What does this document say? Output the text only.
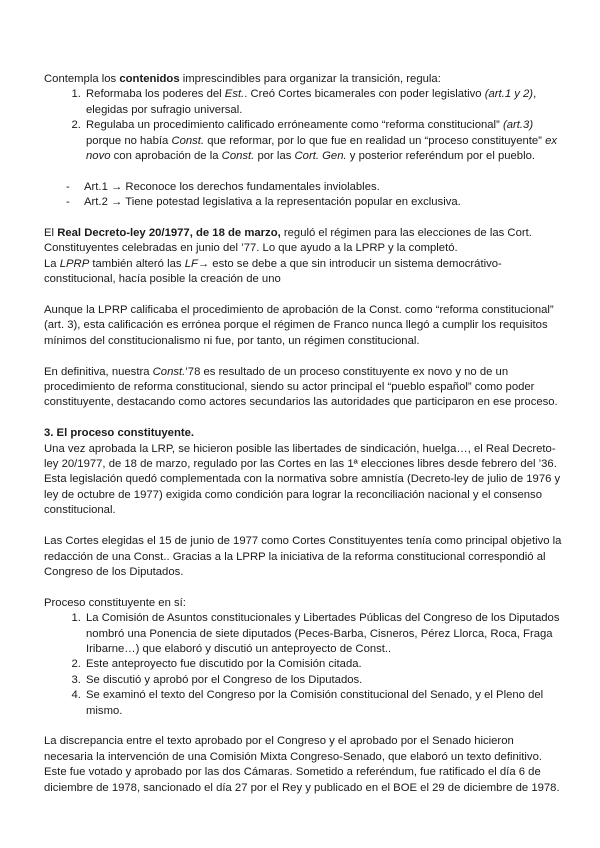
Contempla los contenidos imprescindibles para organizar la transición, regula:

1. Reformaba los poderes del Est.. Creó Cortes bicamerales con poder legislativo (art.1 y 2), elegidas por sufragio universal.
2. Regulaba un procedimiento calificado erróneamente como “reforma constitucional” (art.3) porque no había Const. que reformar, por lo que fue en realidad un “proceso constituyente” ex novo con aprobación de la Const. por las Cort. Gen. y posterior referéndum por el pueblo.
- Art.1 → Reconoce los derechos fundamentales inviolables.
- Art.2 → Tiene potestad legislativa a la representación popular en exclusiva.

El Real Decreto-ley 20/1977, de 18 de marzo, reguló el régimen para las elecciones de las Cort. Constituyentes celebradas en junio del ’77. Lo que ayudo a la LPRP y la completó.
La LPRP también alteró las LF→ esto se debe a que sin introducir un sistema democrátivo-constitucional, hacía posible la creación de uno

Aunque la LPRP calificaba el procedimiento de aprobación de la Const. como “reforma constitucional” (art. 3), esta calificación es errónea porque el régimen de Franco nunca llegó a cumplir los requisitos mínimos del constitucionalismo ni fue, por tanto, un régimen constitucional.

En definitiva, nuestra Const.’78 es resultado de un proceso constituyente ex novo y no de un procedimiento de reforma constitucional, siendo su actor principal el “pueblo español” como poder constituyente, destacando como actores secundarios las autoridades que participaron en ese proceso.

3. El proceso constituyente.

Una vez aprobada la LRP, se hicieron posible las libertades de sindicación, huelga…, el Real Decreto-ley 20/1977, de 18 de marzo, regulado por las Cortes en las 1ª elecciones libres desde febrero del ’36. Esta legislación quedó complementada con la normativa sobre amnistía (Decreto-ley de julio de 1976 y ley de octubre de 1977) exigida como condición para lograr la reconciliación nacional y el consenso constitucional.

Las Cortes elegidas el 15 de junio de 1977 como Cortes Constituyentes tenía como principal objetivo la redacción de una Const.. Gracias a la LPRP la iniciativa de la reforma constitucional correspondió al Congreso de los Diputados.

Proceso constituyente en sí:

1. La Comisión de Asuntos constitucionales y Libertades Públicas del Congreso de los Diputados nombró una Ponencia de siete diputados (Peces-Barba, Cisneros, Pérez Llorca, Roca, Fraga Iribarne…) que elaboró y discutió un anteproyecto de Const..
2. Este anteproyecto fue discutido por la Comisión citada.
3. Se discutió y aprobó por el Congreso de los Diputados.
4. Se examinó el texto del Congreso por la Comisión constitucional del Senado, y el Pleno del mismo.

La discrepancia entre el texto aprobado por el Congreso y el aprobado por el Senado hicieron necesaria la intervención de una Comisión Mixta Congreso-Senado, que elaboró un texto definitivo. Este fue votado y aprobado por las dos Cámaras. Sometido a referéndum, fue ratificado el día 6 de diciembre de 1978, sancionado el día 27 por el Rey y publicado en el BOE el 29 de diciembre de 1978.
